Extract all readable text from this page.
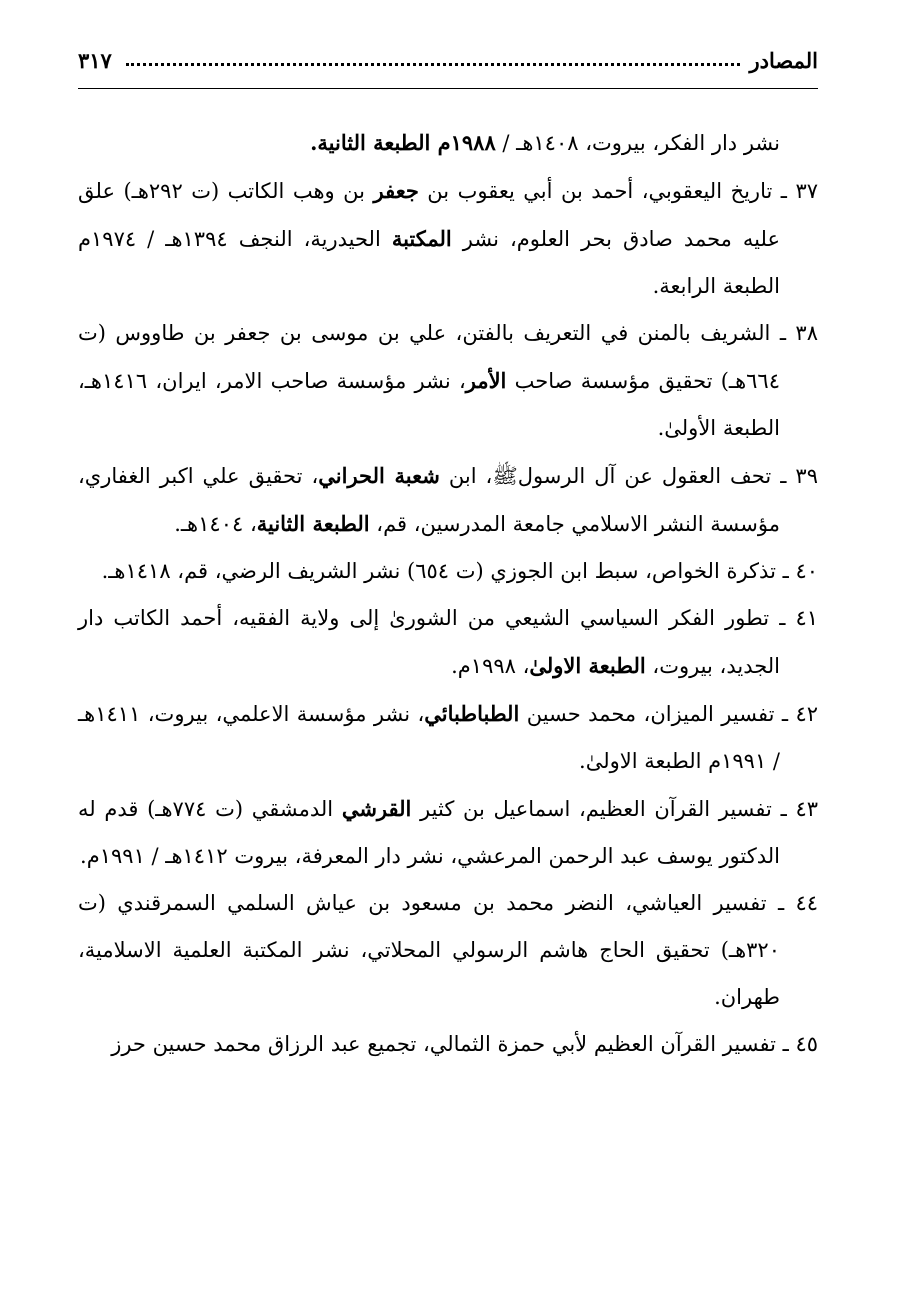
المصادر
٣١٧
نشر دار الفكر، بيروت، ١٤٠٨هـ / ١٩٨٨م الطبعة الثانية.
٣٧ ـ تاريخ اليعقوبي، أحمد بن أبي يعقوب بن جعفر بن وهب الكاتب (ت ٢٩٢هـ) علق عليه محمد صادق بحر العلوم، نشر المكتبة الحيدرية، النجف ١٣٩٤هـ / ١٩٧٤م الطبعة الرابعة.
٣٨ ـ الشريف بالمنن في التعريف بالفتن، علي بن موسى بن جعفر بن طاووس (ت ٦٦٤هـ) تحقيق مؤسسة صاحب الأمر، نشر مؤسسة صاحب الامر، ايران، ١٤١٦هـ، الطبعة الأولىٰ.
٣٩ ـ تحف العقول عن آل الرسولﷺ، ابن شعبة الحراني، تحقيق علي اكبر الغفاري، مؤسسة النشر الاسلامي جامعة المدرسين، قم، الطبعة الثانية، ١٤٠٤هـ.
٤٠ ـ تذكرة الخواص، سبط ابن الجوزي (ت ٦٥٤) نشر الشريف الرضي، قم، ١٤١٨هـ.
٤١ ـ تطور الفكر السياسي الشيعي من الشورىٰ إلى ولاية الفقيه، أحمد الكاتب دار الجديد، بيروت، الطبعة الاولىٰ، ١٩٩٨م.
٤٢ ـ تفسير الميزان، محمد حسين الطباطبائي، نشر مؤسسة الاعلمي، بيروت، ١٤١١هـ / ١٩٩١م الطبعة الاولىٰ.
٤٣ ـ تفسير القرآن العظيم، اسماعيل بن كثير القرشي الدمشقي (ت ٧٧٤هـ) قدم له الدكتور يوسف عبد الرحمن المرعشي، نشر دار المعرفة، بيروت ١٤١٢هـ / ١٩٩١م.
٤٤ ـ تفسير العياشي، النضر محمد بن مسعود بن عياش السلمي السمرقندي (ت ٣٢٠هـ) تحقيق الحاج هاشم الرسولي المحلاتي، نشر المكتبة العلمية الاسلامية، طهران.
٤٥ ـ تفسير القرآن العظيم لأبي حمزة الثمالي، تجميع عبد الرزاق محمد حسين حرز
